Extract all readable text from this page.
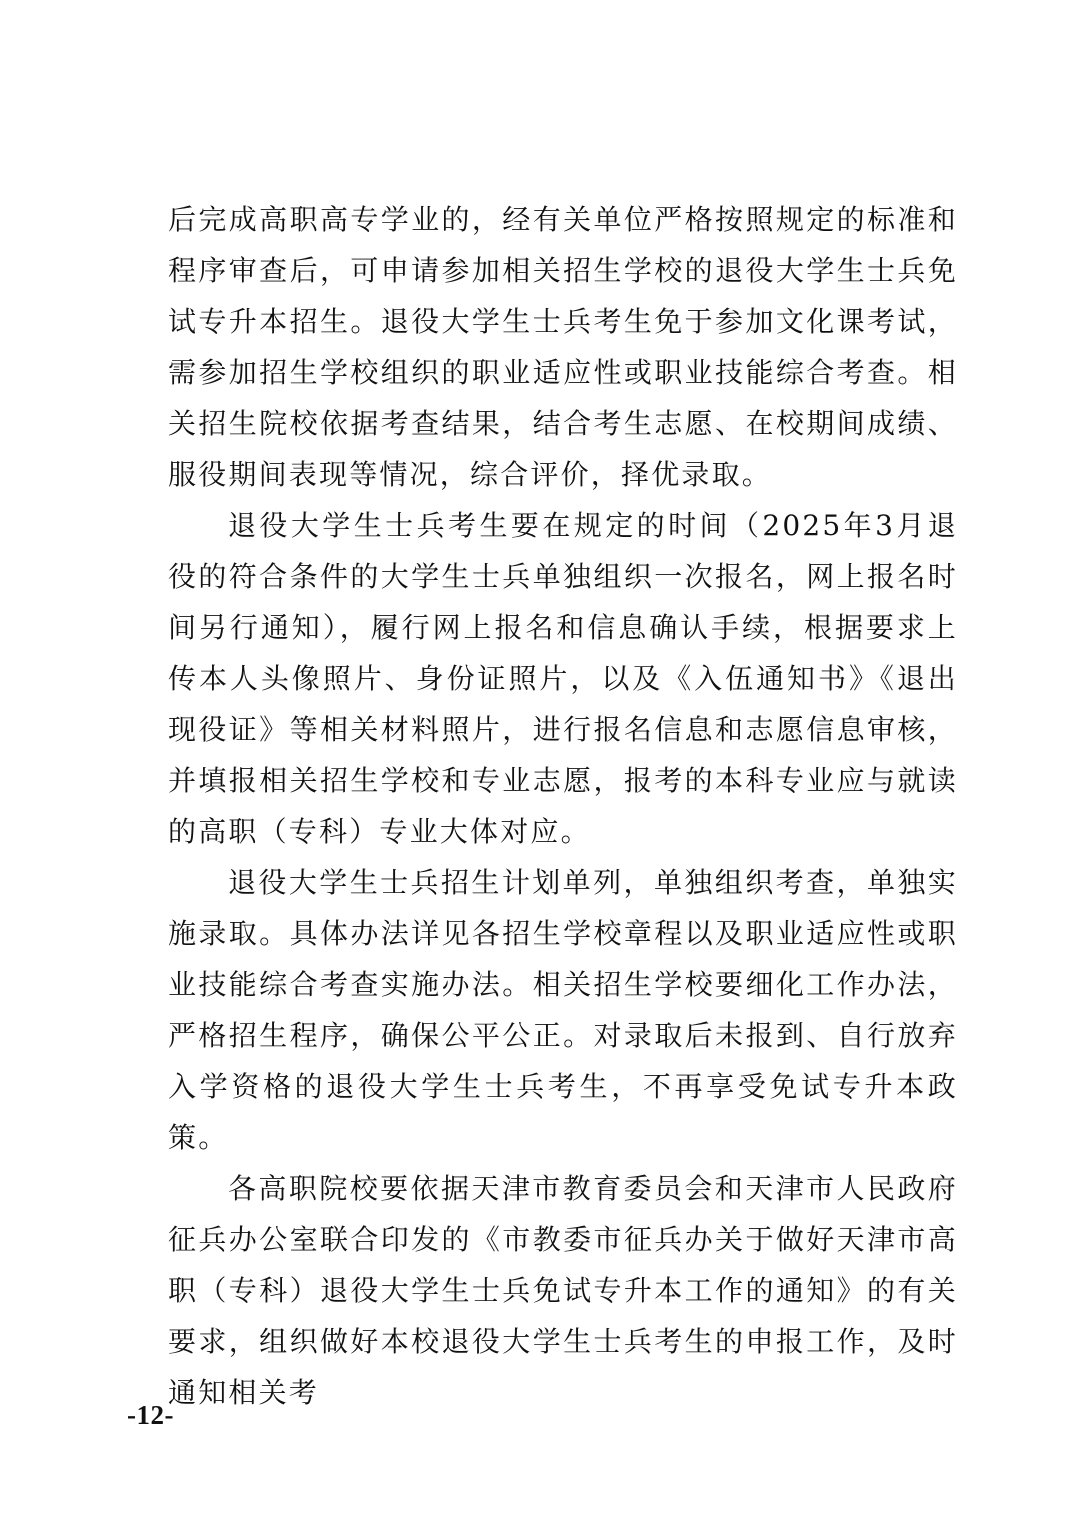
后完成高职高专学业的，经有关单位严格按照规定的标准和程序审查后，可申请参加相关招生学校的退役大学生士兵免试专升本招生。退役大学生士兵考生免于参加文化课考试，需参加招生学校组织的职业适应性或职业技能综合考查。相关招生院校依据考查结果，结合考生志愿、在校期间成绩、服役期间表现等情况，综合评价，择优录取。

退役大学生士兵考生要在规定的时间（2025年3月退役的符合条件的大学生士兵单独组织一次报名，网上报名时间另行通知），履行网上报名和信息确认手续，根据要求上传本人头像照片、身份证照片，以及《入伍通知书》《退出现役证》等相关材料照片，进行报名信息和志愿信息审核，并填报相关招生学校和专业志愿，报考的本科专业应与就读的高职（专科）专业大体对应。

退役大学生士兵招生计划单列，单独组织考查，单独实施录取。具体办法详见各招生学校章程以及职业适应性或职业技能综合考查实施办法。相关招生学校要细化工作办法，严格招生程序，确保公平公正。对录取后未报到、自行放弃入学资格的退役大学生士兵考生，不再享受免试专升本政策。

各高职院校要依据天津市教育委员会和天津市人民政府征兵办公室联合印发的《市教委市征兵办关于做好天津市高职（专科）退役大学生士兵免试专升本工作的通知》的有关要求，组织做好本校退役大学生士兵考生的申报工作，及时通知相关考

-12-
